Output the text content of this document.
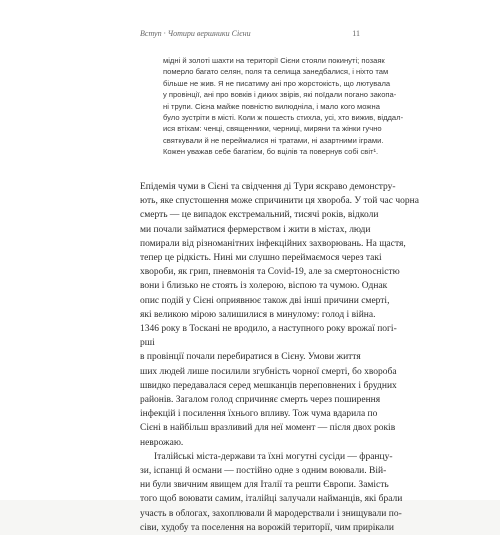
Вступ · Чотири вершники Сієни	11
мідні й золоті шахти на території Сієни стояли покинуті; позаяк
померло багато селян, поля та селища занедбалися, і ніхто там
більше не жив. Я не писатиму ані про жорстокість, що лютувала
у провінції, ані про вовків і диких звірів, які поїдали погано закопа-
ні трупи. Сієна майже повністю вилюднілa, і мало кого можна
було зустріти в місті. Коли ж пошесть стихла, усі, хто вижив, віддал-
ися втіхам: ченці, священники, черниці, миряни та жінки гучно
святкували й не переймалися ні тратами, ні азартними іграми.
Кожен уважав себе багатієм, бо вцілів та повернув собі світ¹.
Епідемія чуми в Сієні та свідчення ді Тури яскраво демонстру-
ють, яке спустошення може спричинити ця хвороба. У той час чорна
смерть — це випадок екстремальний, тисячі років, відколи
ми почали займатися фермерством і жити в містах, люди
помирали від різноманітних інфекційних захворювань. На щастя,
тепер це рідкість. Нині ми слушно переймаємося через такі
хвороби, як грип, пневмонія та Covid-19, але за смертоносністю
вони і близько не стоять із холерою, віспою та чумою. Однак
опис подій у Сієні оприявнює також дві інші причини смерті,
які великою мірою залишилися в минулому: голод і війна.
1346 року в Тоскані не вродило, а наступного року врожаї погі-
рші
в провінції почали перебиратися в Сієну. Умови життя
ших людей лише посилили згубність чорної смерті, бо хвороба
швидко передавалася серед мешканців переповнених і брудних
районів. Загалом голод спричиняє смерть через поширення
інфекцій і посилення їхнього впливу. Тож чума вдарила по
Сієні в найбільш вразливий для неї момент — після двох років
неврожаю.
Італійські міста-держави та їхні могутні сусіди — францу-
зи, іспанці й османи — постійно одне з одним воювали. Вій-
ни були звичним явищем для Італії та решти Європи. Замість
того щоб воювати самим, італійці залучали найманців, які брали
участь в облогах, захоплювали й мародерствали і знищували по-
сіви, худобу та поселення на ворожій території, чим прирікали
